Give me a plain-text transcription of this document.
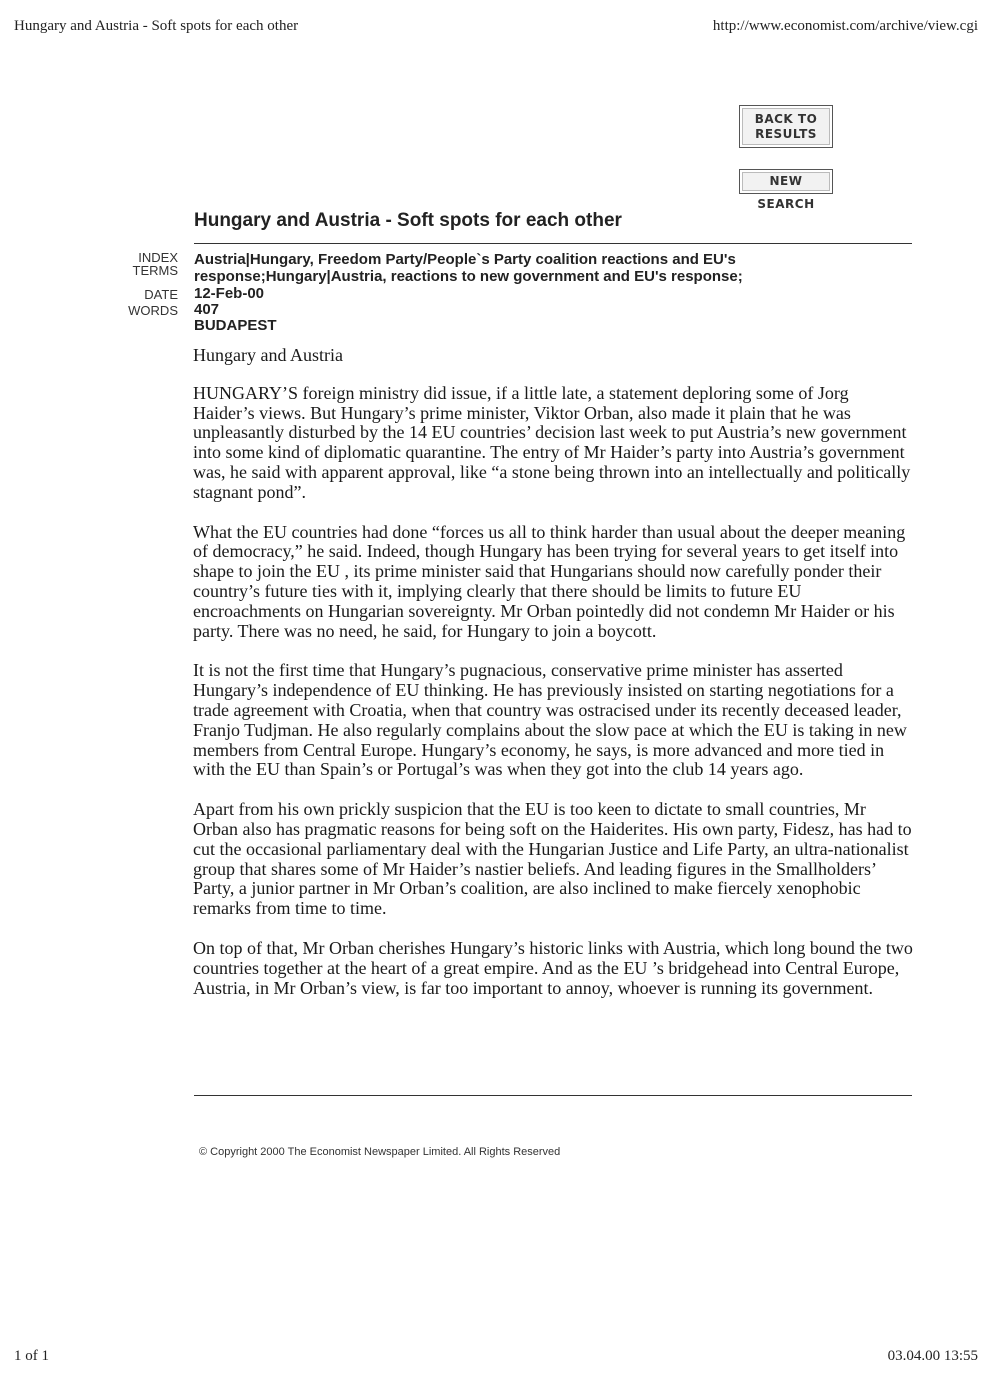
Hungary and Austria - Soft spots for each other	http://www.economist.com/archive/view.cgi
BACK TO
RESULTS
NEW SEARCH
Hungary and Austria - Soft spots for each other
INDEX
TERMS
Austria|Hungary, Freedom Party/People`s Party coalition reactions and EU's
response;Hungary|Austria, reactions to new government and EU's response;
DATE 12-Feb-00
WORDS 407
BUDAPEST

Hungary and Austria

HUNGARY’S foreign ministry did issue, if a little late, a statement deploring some of Jorg Haider’s views. But Hungary’s prime minister, Viktor Orban, also made it plain that he was unpleasantly disturbed by the 14 EU countries’ decision last week to put Austria’s new government into some kind of diplomatic quarantine. The entry of Mr Haider’s party into Austria’s government was, he said with apparent approval, like “a stone being thrown into an intellectually and politically stagnant pond”.

What the EU countries had done “forces us all to think harder than usual about the deeper meaning of democracy,” he said. Indeed, though Hungary has been trying for several years to get itself into shape to join the EU , its prime minister said that Hungarians should now carefully ponder their country’s future ties with it, implying clearly that there should be limits to future EU encroachments on Hungarian sovereignty. Mr Orban pointedly did not condemn Mr Haider or his party. There was no need, he said, for Hungary to join a boycott.

It is not the first time that Hungary’s pugnacious, conservative prime minister has asserted Hungary’s independence of EU thinking. He has previously insisted on starting negotiations for a trade agreement with Croatia, when that country was ostracised under its recently deceased leader, Franjo Tudjman. He also regularly complains about the slow pace at which the EU is taking in new members from Central Europe. Hungary’s economy, he says, is more advanced and more tied in with the EU than Spain’s or Portugal’s was when they got into the club 14 years ago.

Apart from his own prickly suspicion that the EU is too keen to dictate to small countries, Mr Orban also has pragmatic reasons for being soft on the Haiderites. His own party, Fidesz, has had to cut the occasional parliamentary deal with the Hungarian Justice and Life Party, an ultra-nationalist group that shares some of Mr Haider’s nastier beliefs. And leading figures in the Smallholders’ Party, a junior partner in Mr Orban’s coalition, are also inclined to make fiercely xenophobic remarks from time to time.

On top of that, Mr Orban cherishes Hungary’s historic links with Austria, which long bound the two countries together at the heart of a great empire. And as the EU ’s bridgehead into Central Europe, Austria, in Mr Orban’s view, is far too important to annoy, whoever is running its government.

© Copyright 2000 The Economist Newspaper Limited. All Rights Reserved
1 of 1	03.04.00 13:55
